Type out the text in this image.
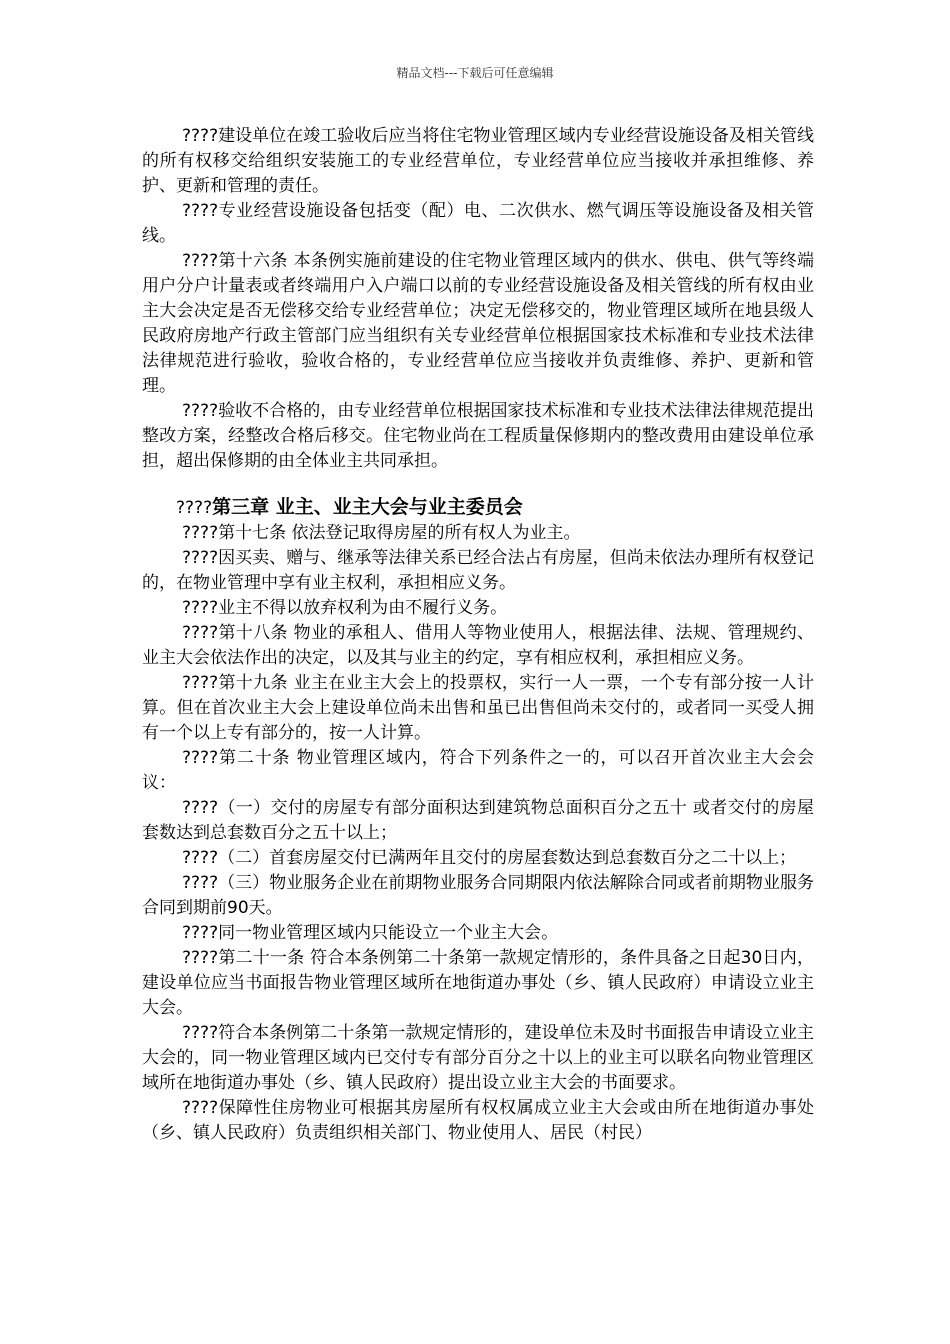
精品文档---下载后可任意编辑

????建设单位在竣工验收后应当将住宅物业管理区域内专业经营设施设备及相关管线的所有权移交给组织安装施工的专业经营单位，专业经营单位应当接收并承担维修、养护、更新和管理的责任。

????专业经营设施设备包括变（配）电、二次供水、燃气调压等设施设备及相关管线。

????第十六条 本条例实施前建设的住宅物业管理区域内的供水、供电、供气等终端用户分户计量表或者终端用户入户端口以前的专业经营设施设备及相关管线的所有权由业主大会决定是否无偿移交给专业经营单位；决定无偿移交的，物业管理区域所在地县级人民政府房地产行政主管部门应当组织有关专业经营单位根据国家技术标准和专业技术法律法律规范进行验收，验收合格的，专业经营单位应当接收并负责维修、养护、更新和管理。

????验收不合格的，由专业经营单位根据国家技术标准和专业技术法律法律规范提出整改方案，经整改合格后移交。住宅物业尚在工程质量保修期内的整改费用由建设单位承担，超出保修期的由全体业主共同承担。

????第三章 业主、业主大会与业主委员会

????第十七条 依法登记取得房屋的所有权人为业主。

????因买卖、赠与、继承等法律关系已经合法占有房屋，但尚未依法办理所有权登记的，在物业管理中享有业主权利，承担相应义务。

????业主不得以放弃权利为由不履行义务。

????第十八条 物业的承租人、借用人等物业使用人，根据法律、法规、管理规约、业主大会依法作出的决定，以及其与业主的约定，享有相应权利，承担相应义务。

????第十九条 业主在业主大会上的投票权，实行一人一票，一个专有部分按一人计算。但在首次业主大会上建设单位尚未出售和虽已出售但尚未交付的，或者同一买受人拥有一个以上专有部分的，按一人计算。

????第二十条 物业管理区域内，符合下列条件之一的，可以召开首次业主大会会议：

????（一）交付的房屋专有部分面积达到建筑物总面积百分之五十 或者交付的房屋套数达到总套数百分之五十以上；

????（二）首套房屋交付已满两年且交付的房屋套数达到总套数百分之二十以上；

????（三）物业服务企业在前期物业服务合同期限内依法解除合同或者前期物业服务合同到期前90天。

????同一物业管理区域内只能设立一个业主大会。

????第二十一条 符合本条例第二十条第一款规定情形的，条件具备之日起30日内，建设单位应当书面报告物业管理区域所在地街道办事处（乡、镇人民政府）申请设立业主大会。

????符合本条例第二十条第一款规定情形的，建设单位未及时书面报告申请设立业主大会的，同一物业管理区域内已交付专有部分百分之十以上的业主可以联名向物业管理区域所在地街道办事处（乡、镇人民政府）提出设立业主大会的书面要求。

????保障性住房物业可根据其房屋所有权权属成立业主大会或由所在地街道办事处（乡、镇人民政府）负责组织相关部门、物业使用人、居民（村民）
